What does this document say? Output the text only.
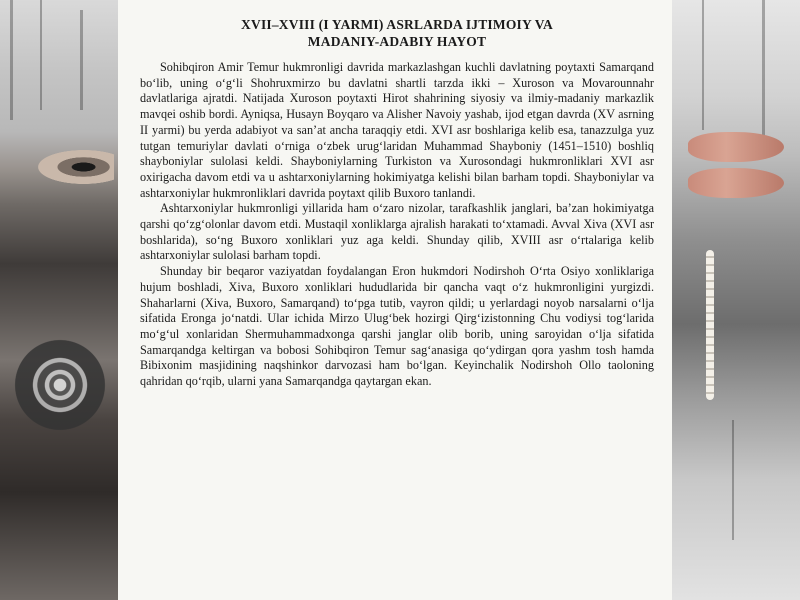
XVII–XVIII (I YARMI) ASRLARDA IJTIMOIY VA
MADANIY-ADABIY HAYOT

Sohibqiron Amir Temur hukmronligi davrida markazlashgan kuchli davlatning poytaxti Samarqand bo‘lib, uning o‘g‘li Shohruxmirzo bu davlatni shartli tarzda ikki – Xuroson va Movarounnahr davlatlariga ajratdi. Natijada Xuroson poytaxti Hirot shahrining siyosiy va ilmiy-madaniy markazlik mavqei oshib bordi. Ayniqsa, Husayn Boyqaro va Alisher Navoiy yashab, ijod etgan davrda (XV asrning II yarmi) bu yerda adabiyot va san’at ancha taraqqiy etdi. XVI asr boshlariga kelib esa, tanazzulga yuz tutgan temuriylar davlati o‘rniga o‘zbek urug‘laridan Muhammad Shayboniy (1451–1510) boshliq shayboniylar sulolasi keldi. Shayboniylarning Turkiston va Xurosondagi hukmronliklari XVI asr oxirigacha davom etdi va u ashtarxoniylarning hokimiyatga kelishi bilan barham topdi. Shayboniylar va ashtarxoniylar hukmronliklari davrida poytaxt qilib Buxoro tanlandi.

Ashtarxoniylar hukmronligi yillarida ham o‘zaro nizolar, tarafkashlik janglari, ba’zan hokimiyatga qarshi qo‘zg‘olonlar davom etdi. Mustaqil xonliklarga ajralish harakati to‘xtamadi. Avval Xiva (XVI asr boshlarida), so‘ng Buxoro xonliklari yuz aga keldi. Shunday qilib, XVIII asr o‘rtalariga kelib ashtarxoniylar sulolasi barham topdi.

Shunday bir beqaror vaziyatdan foydalangan Eron hukmdori Nodirshoh O‘rta Osiyo xonliklariga hujum boshladi, Xiva, Buxoro xonliklari hududlarida bir qancha vaqt o‘z hukmronligini yurgizdi. Shaharlarni (Xiva, Buxoro, Samarqand) to‘pga tutib, vayron qildi; u yerlardagi noyob narsalarni o‘lja sifatida Eronga jo‘natdi. Ular ichida Mirzo Ulug‘bek hozirgi Qirg‘izistonning Chu vodiysi tog‘larida mo‘g‘ul xonlaridan Shermuhammadxonga qarshi janglar olib borib, uning saroyidan o‘lja sifatida Samarqandga keltirgan va bobosi Sohibqiron Temur sag‘anasiga qo‘ydirgan qora yashm tosh hamda Bibixonim masjidining naqshinkor darvozasi ham bo‘lgan. Keyinchalik Nodirshoh Ollo taoloning qahridan qo‘rqib, ularni yana Samarqandga qaytargan ekan.
